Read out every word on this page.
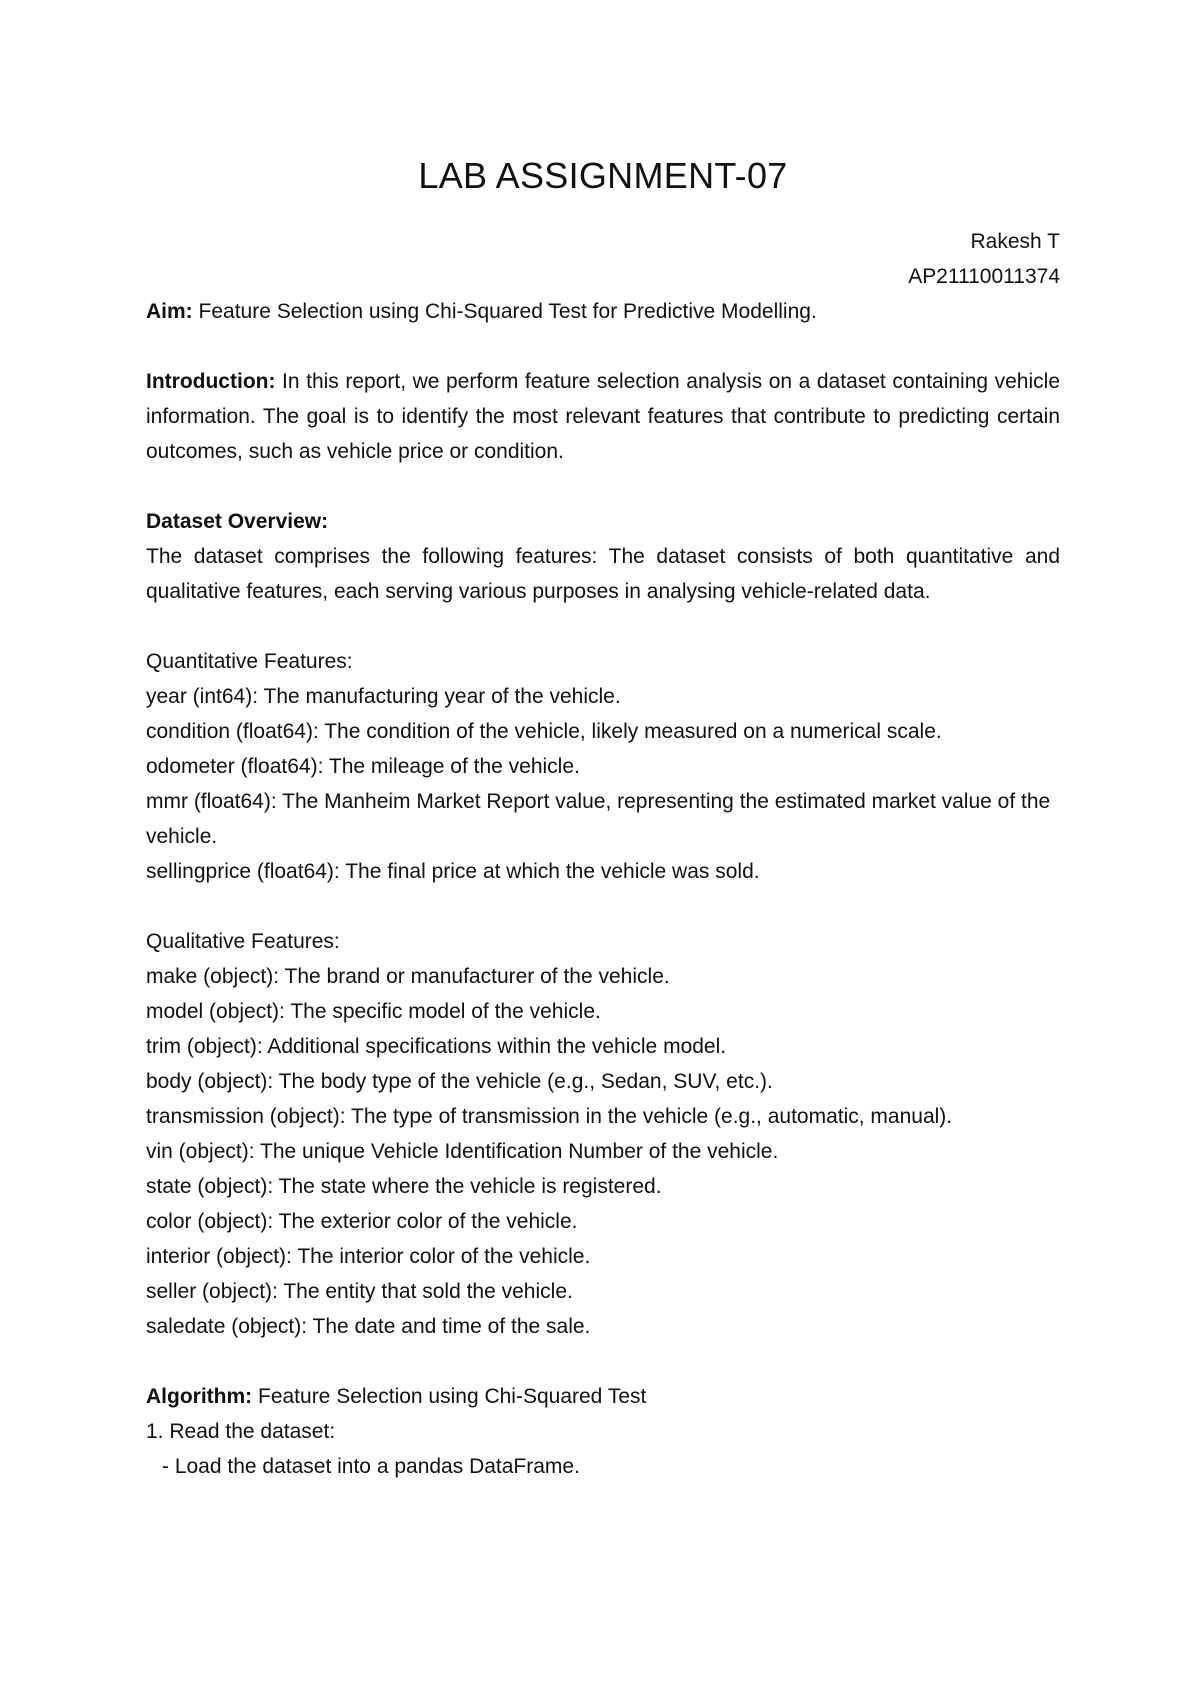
LAB ASSIGNMENT-07

Rakesh T

AP21110011374

Aim: Feature Selection using Chi-Squared Test for Predictive Modelling.

Introduction: In this report, we perform feature selection analysis on a dataset containing vehicle information. The goal is to identify the most relevant features that contribute to predicting certain outcomes, such as vehicle price or condition.

Dataset Overview:

The dataset comprises the following features: The dataset consists of both quantitative and qualitative features, each serving various purposes in analysing vehicle-related data.

Quantitative Features:

year (int64): The manufacturing year of the vehicle.

condition (float64): The condition of the vehicle, likely measured on a numerical scale.

odometer (float64): The mileage of the vehicle.

mmr (float64): The Manheim Market Report value, representing the estimated market value of the vehicle.

sellingprice (float64): The final price at which the vehicle was sold.

Qualitative Features:

make (object): The brand or manufacturer of the vehicle.

model (object): The specific model of the vehicle.

trim (object): Additional specifications within the vehicle model.

body (object): The body type of the vehicle (e.g., Sedan, SUV, etc.).

transmission (object): The type of transmission in the vehicle (e.g., automatic, manual).

vin (object): The unique Vehicle Identification Number of the vehicle.

state (object): The state where the vehicle is registered.

color (object): The exterior color of the vehicle.

interior (object): The interior color of the vehicle.

seller (object): The entity that sold the vehicle.

saledate (object): The date and time of the sale.

Algorithm: Feature Selection using Chi-Squared Test

1. Read the dataset:

- Load the dataset into a pandas DataFrame.
